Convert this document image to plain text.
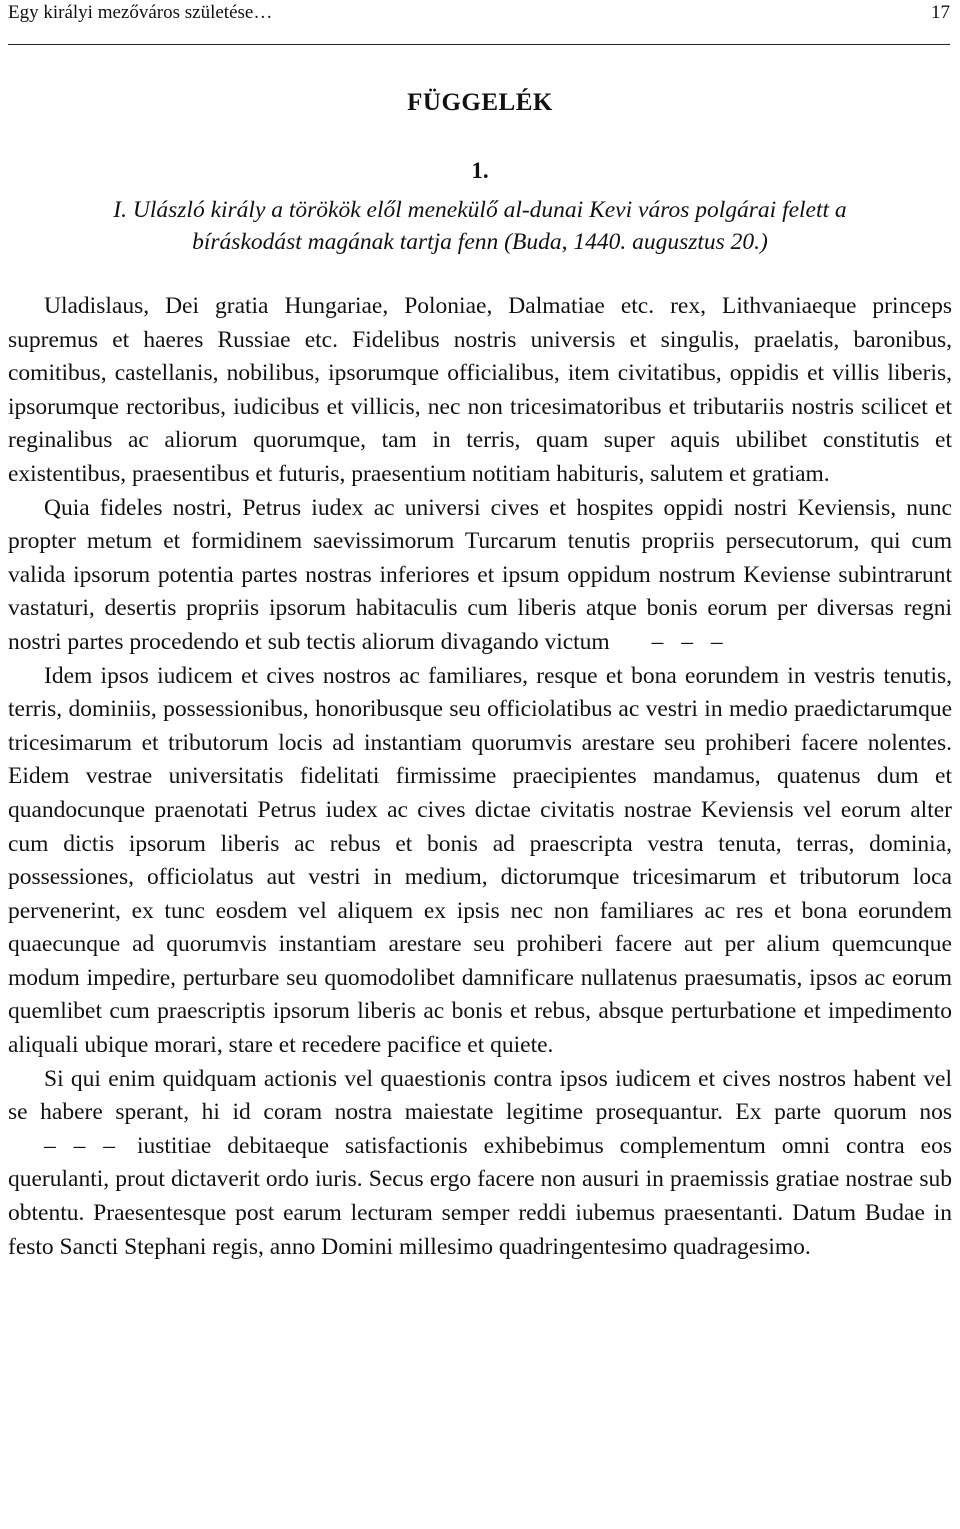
Egy királyi mezőváros születése…	17
FÜGGELÉK
1.
I. Ulászló király a törökök elől menekülő al-dunai Kevi város polgárai felett a
bíráskodást magának tartja fenn (Buda, 1440. augusztus 20.)

Uladislaus, Dei gratia Hungariae, Poloniae, Dalmatiae etc. rex, Lithvaniaeque princeps supremus et haeres Russiae etc. Fidelibus nostris universis et singulis, praelatis, baronibus, comitibus, castellanis, nobilibus, ipsorumque officialibus, item civitatibus, oppidis et villis liberis, ipsorumque rectoribus, iudicibus et villicis, nec non tricesimatoribus et tributariis nostris scilicet et reginalibus ac aliorum quorumque, tam in terris, quam super aquis ubilibet constitutis et existentibus, praesentibus et futuris, praesentium notitiam habituris, salutem et gratiam.

Quia fideles nostri, Petrus iudex ac universi cives et hospites oppidi nostri Keviensis, nunc propter metum et formidinem saevissimorum Turcarum tenutis propriis persecutorum, qui cum valida ipsorum potentia partes nostras inferiores et ipsum oppidum nostrum Keviense subintrarunt vastaturi, desertis propriis ipsorum habitaculis cum liberis atque bonis eorum per diversas regni nostri partes procedendo et sub tectis aliorum divagando victum – – –

Idem ipsos iudicem et cives nostros ac familiares, resque et bona eorundem in vestris tenutis, terris, dominiis, possessionibus, honoribusque seu officiolatibus ac vestri in medio praedictarumque tricesimarum et tributorum locis ad instantiam quorumvis arestare seu prohiberi facere nolentes. Eidem vestrae universitatis fidelitati firmissime praecipientes mandamus, quatenus dum et quandocunque praenotati Petrus iudex ac cives dictae civitatis nostrae Keviensis vel eorum alter cum dictis ipsorum liberis ac rebus et bonis ad praescripta vestra tenuta, terras, dominia, possessiones, officiolatus aut vestri in medium, dictorumque tricesimarum et tributorum loca pervenerint, ex tunc eosdem vel aliquem ex ipsis nec non familiares ac res et bona eorundem quaecunque ad quorumvis instantiam arestare seu prohiberi facere aut per alium quemcunque modum impedire, perturbare seu quomodolibet damnificare nullatenus praesumatis, ipsos ac eorum quemlibet cum praescriptis ipsorum liberis ac bonis et rebus, absque perturbatione et impedimento aliquali ubique morari, stare et recedere pacifice et quiete.

Si qui enim quidquam actionis vel quaestionis contra ipsos iudicem et cives nostros habent vel se habere sperant, hi id coram nostra maiestate legitime prosequantur. Ex parte quorum nos – – – iustitiae debitaeque satisfactionis exhibebimus complementum omni contra eos querulanti, prout dictaverit ordo iuris. Secus ergo facere non ausuri in praemissis gratiae nostrae sub obtentu. Praesentesque post earum lecturam semper reddi iubemus praesentanti. Datum Budae in festo Sancti Stephani regis, anno Domini millesimo quadringentesimo quadragesimo.
